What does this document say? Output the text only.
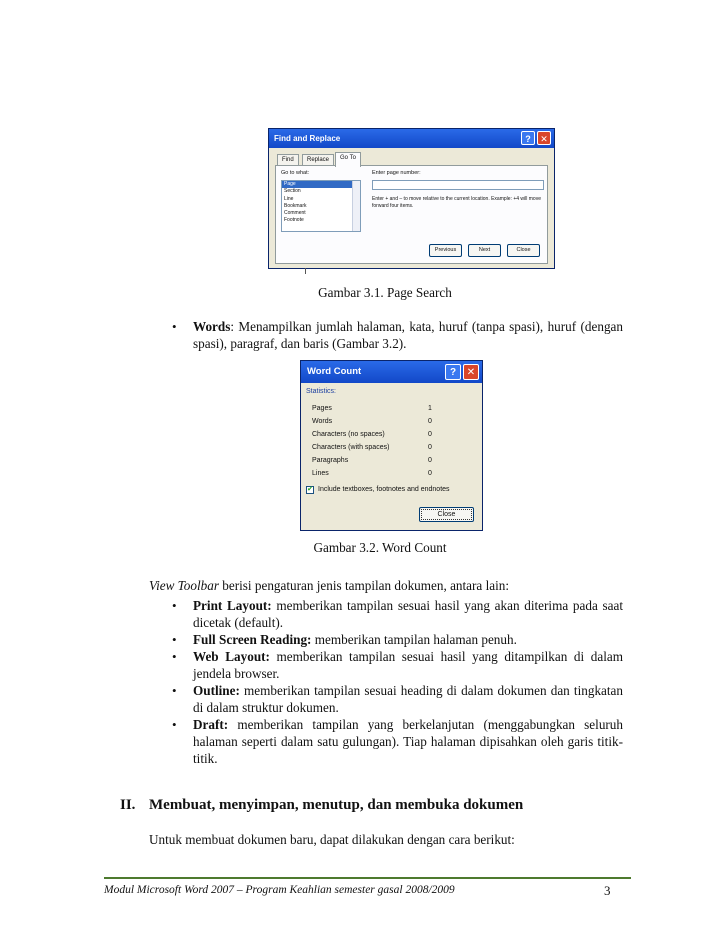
Find and Replace	?	✕
Find	Replace	Go To
Go to what:
Page
Section
Line
Bookmark
Comment
Footnote
Enter page number:
Enter + and – to move relative to the current location. Example: +4 will move forward four items.
Previous	Next	Close
Gambar 3.1. Page Search
• Words: Menampilkan jumlah halaman, kata, huruf (tanpa spasi), huruf (dengan spasi), paragraf, dan baris (Gambar 3.2).
Word Count	?	✕
Statistics:
Pages	1
Words	0
Characters (no spaces)	0
Characters (with spaces)	0
Paragraphs	0
Lines	0
✔ Include textboxes, footnotes and endnotes
Close
Gambar 3.2. Word Count
View Toolbar berisi pengaturan jenis tampilan dokumen, antara lain:
• Print Layout: memberikan tampilan sesuai hasil yang akan diterima pada saat dicetak (default).
• Full Screen Reading: memberikan tampilan halaman penuh.
• Web Layout: memberikan tampilan sesuai hasil yang ditampilkan di dalam jendela browser.
• Outline: memberikan tampilan sesuai heading di dalam dokumen dan tingkatan di dalam struktur dokumen.
• Draft: memberikan tampilan yang berkelanjutan (menggabungkan seluruh halaman seperti dalam satu gulungan). Tiap halaman dipisahkan oleh garis titik-titik.
II. Membuat, menyimpan, menutup, dan membuka dokumen
Untuk membuat dokumen baru, dapat dilakukan dengan cara berikut:
Modul Microsoft Word 2007 – Program Keahlian semester gasal 2008/2009	3
